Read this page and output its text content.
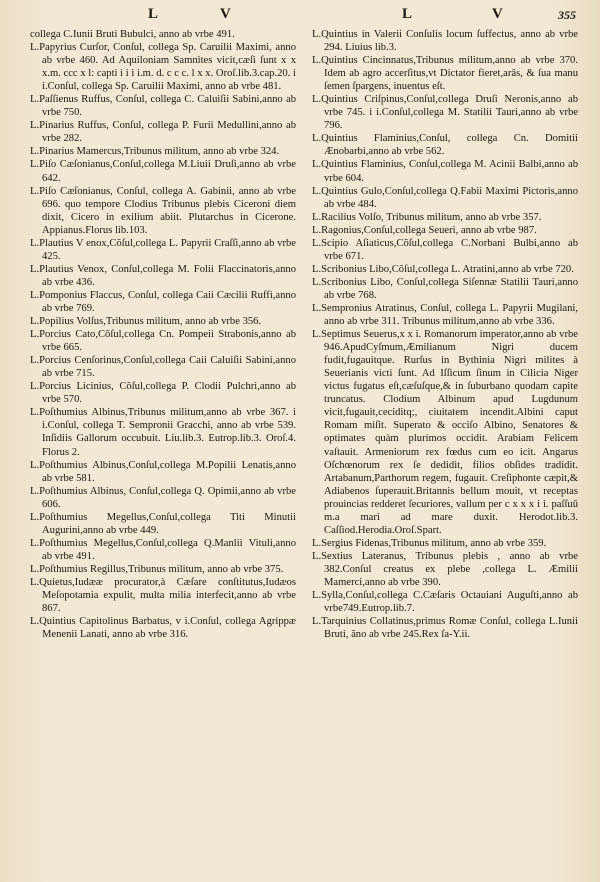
L	V	L	V	355

collega C.Iunii Bruti Bubulci, anno ab vrbe 491.

L.Papyrius Curſor, Conſul, collega Sp. Caruilii Maximi, anno ab vrbe 460. Ad Aquiloniam Samnites vicit,cæſi ſunt x x x.m. ccc x l: capti i i i i.m. d. c c c. l x x. Oroſ.lib.3.cap.20. i i.Conſul, collega Sp. Caruilii Maximi, anno ab vrbe 481.

L.Paſſienus Ruffus, Conſul, collega C. Caluiſii Sabini,anno ab vrbe 750.

L.Pinarius Ruffus, Conſul, collega P. Furii Medullini,anno ab vrbe 282.

L.Pinarius Mamercus,Tribunus militum, anno ab vrbe 324.

L.Piſo Cæſonianus,Conſul,collega M.Liuii Druſi,anno ab vrbe 642.

L.Piſo Cæſonianus, Conſul, collega A. Gabinii, anno ab vrbe 696. quo tempore Clodius Tribunus plebis Ciceroni diem dixit, Cicero in exilium abiit. Plutarchus in Cicerone. Appianus.Florus lib.103.

L.Plautius V enox,Cõſul,collega L. Papyrii Craſſi,anno ab vrbe 425.

L.Plautius Venox, Conſul,collega M. Folii Flaccinatoris,anno ab vrbe 436.

L.Pomponius Flaccus, Conſul, collega Caii Cæcilii Ruffi,anno ab vrbe 769.

L.Popilius Volſus,Tribunus militum, anno ab vrbe 356.

L.Porcius Cato,Cõſul,collega Cn. Pompeii Strabonis,anno ab vrbe 665.

L.Porcius Cenſorinus,Conſul,collega Caii Caluiſii Sabini,anno ab vrbe 715.

L.Porcius Licinius, Cõſul,collega P. Clodii Pulchri,anno ab vrbe 570.

L.Poſthumius Albinus,Tribunus militum,anno ab vrbe 367. i i.Conſul, collega T. Sempronii Gracchi, anno ab vrbe 539. Inſidiis Gallorum occubuit. Liu.lib.3. Eutrop.lib.3. Oroſ.4. Florus 2.

L.Poſthumius Albinus,Conſul,collega M.Popilii Lenatis,anno ab vrbe 581.

L.Poſthumius Albinus, Conſul,collega Q. Opimii,anno ab vrbe 606.

L.Poſthumius Megellus,Conſul,collega Titi Minutii Augurini,anno ab vrbe 449.

L.Poſthumius Megellus,Conſul,collega Q.Manlii Vituli,anno ab vrbe 491.

L.Poſthumius Regillus,Tribunus militum, anno ab vrbe 375.

L.Quietus,Iudææ procurator,à Cæſare conſtitutus,Iudæos Meſopotamia expulit, multa milia interfecit,anno ab vrbe 867.

L.Quintius Capitolinus Barbatus, v i.Conſul, collega Agrippæ Menenii Lanati, anno ab vrbe 316.

L.Quintius in Valerii Conſulis locum ſuffectus, anno ab vrbe 294. Liuius lib.3.

L.Quintius Cincinnatus,Tribunus militum,anno ab vrbe 370. Idem ab agro accerſitus,vt Dictator fieret,arâs, & ſua manu ſemen ſpargens, inuentus eſt.

L.Quintius Criſpinus,Conſul,collega Druſi Neronis,anno ab vrbe 745. i i.Conſul,collega M. Statilii Tauri,anno ab vrbe 796.

L.Quintius Flaminius,Conſul, collega Cn. Domitii Ænobarbi,anno ab vrbe 562.

L.Quintius Flaminius, Conſul,collega M. Acinii Balbi,anno ab vrbe 604.

L.Quintius Gulo,Conſul,collega Q.Fabii Maximi Pictoris,anno ab vrbe 484.

L.Racilius Volſo, Tribunus militum, anno ab vrbe 357.

L.Ragonius,Conſul,collega Seueri, anno ab vrbe 987.

L.Scipio Aſiaticus,Cõſul,collega C.Norbani Bulbi,anno ab vrbe 671.

L.Scribonius Libo,Cõſul,collega L. Atratini,anno ab vrbe 720.

L.Scribonius Libo, Conſul,collega Siſennæ Statilii Tauri,anno ab vrbe 768.

L.Sempronius Atratinus, Conſul, collega L. Papyrii Mugilani, anno ab vrbe 311. Tribunus militum,anno ab vrbe 336.

L.Septimus Seuerus,x x i. Romanorum imperator,anno ab vrbe 946.ApudCyſmum,Æmilianum Nigri ducem fudit,fugauitque. Rurſus in Bythinia Nigri milites à Seuerianis victi ſunt. Ad Iſſicum ſinum in Cilicia Niger victus fugatus eſt,cæſuſque,& in ſuburbano quodam capite truncatus. Clodium Albinum apud Lugdunum vicit,fugauit,ceciditq;, ciuitatem incendit.Albini caput Romam miſit. Superato & occiſo Albino, Senatores & optimates quàm plurimos occidit. Arabiam Felicem vaſtauit. Armeniorum rex fœdus cum eo icit. Angarus Oſchœnorum rex ſe dedidit, filios obſides tradidit. Artabanum,Parthorum regem, fugauit. Creſiphonte cæpit,& Adiabenos ſuperauit.Britannis bellum mouit, vt receptas prouincias redderet ſecuriores, vallum per c x x x i i. paſſuū m.a mari ad mare duxit. Herodot.lib.3. Caſſiod.Herodia.Oroſ.Spart.

L.Sergius Fidenas,Tribunus militum, anno ab vrbe 359.

L.Sextius Lateranus, Tribunus plebis , anno ab vrbe 382.Conſul creatus ex plebe ,collega L. Æmilii Mamerci,anno ab vrbe 390.

L.Sylla,Conſul,collega C.Cæſaris Octauiani Auguſti,anno ab vrbe749.Eutrop.lib.7.

L.Tarquinius Collatinus,primus Romæ Conſul, collega L.Iunii Bruti, ãno ab vrbe 245.Rex ſa-Y.ii.
